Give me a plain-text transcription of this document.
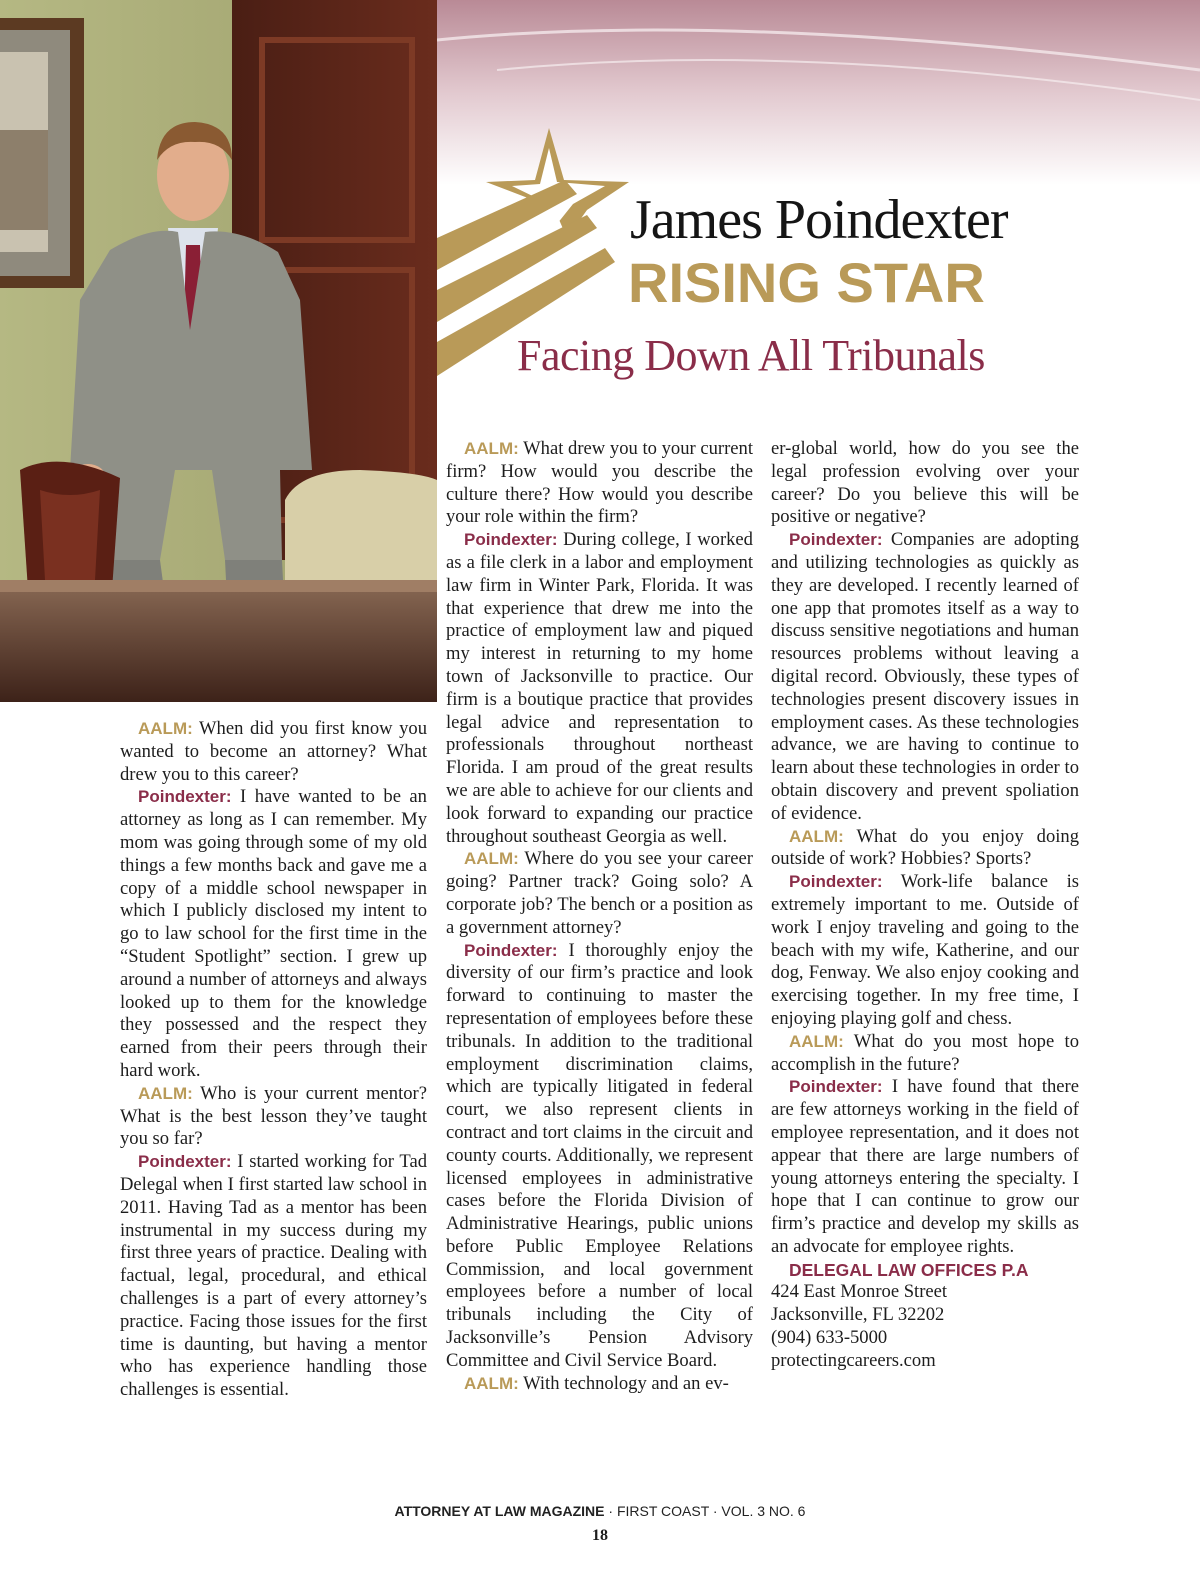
James Poindexter
RISING STAR
Facing Down All Tribunals

AALM: When did you first know you wanted to become an attorney? What drew you to this career?

Poindexter: I have wanted to be an attorney as long as I can remember. My mom was going through some of my old things a few months back and gave me a copy of a middle school newspaper in which I publicly disclosed my intent to go to law school for the first time in the “Student Spotlight” section. I grew up around a number of attorneys and always looked up to them for the knowledge they possessed and the respect they earned from their peers through their hard work.

AALM: Who is your current mentor? What is the best lesson they’ve taught you so far?

Poindexter: I started working for Tad Delegal when I first started law school in 2011. Having Tad as a mentor has been instrumental in my success during my first three years of practice. Dealing with factual, legal, procedural, and ethical challenges is a part of every attorney’s practice. Facing those issues for the first time is daunting, but having a mentor who has experience handling those challenges is essential.

AALM: What drew you to your current firm? How would you describe the culture there? How would you describe your role within the firm?

Poindexter: During college, I worked as a file clerk in a labor and employment law firm in Winter Park, Florida. It was that experience that drew me into the practice of employment law and piqued my interest in returning to my home town of Jacksonville to practice. Our firm is a boutique practice that provides legal advice and representation to professionals throughout northeast Florida. I am proud of the great results we are able to achieve for our clients and look forward to expanding our practice throughout southeast Georgia as well.

AALM: Where do you see your career going? Partner track? Going solo? A corporate job? The bench or a position as a government attorney?

Poindexter: I thoroughly enjoy the diversity of our firm’s practice and look forward to continuing to master the representation of employees before these tribunals. In addition to the traditional employment discrimination claims, which are typically litigated in federal court, we also represent clients in contract and tort claims in the circuit and county courts. Additionally, we represent licensed employees in administrative cases before the Florida Division of Administrative Hearings, public unions before Public Employee Relations Commission, and local government employees before a number of local tribunals including the City of Jacksonville’s Pension Advisory Committee and Civil Service Board.

AALM: With technology and an ev-

er-global world, how do you see the legal profession evolving over your career? Do you believe this will be positive or negative?

Poindexter: Companies are adopting and utilizing technologies as quickly as they are developed. I recently learned of one app that promotes itself as a way to discuss sensitive negotiations and human resources problems without leaving a digital record. Obviously, these types of technologies present discovery issues in employment cases. As these technologies advance, we are having to continue to learn about these technologies in order to obtain discovery and prevent spoliation of evidence.

AALM: What do you enjoy doing outside of work? Hobbies? Sports?

Poindexter: Work-life balance is extremely important to me. Outside of work I enjoy traveling and going to the beach with my wife, Katherine, and our dog, Fenway. We also enjoy cooking and exercising together. In my free time, I enjoying playing golf and chess.

AALM: What do you most hope to accomplish in the future?

Poindexter: I have found that there are few attorneys working in the field of employee representation, and it does not appear that there are large numbers of young attorneys entering the specialty. I hope that I can continue to grow our firm’s practice and develop my skills as an advocate for employee rights.

DELEGAL LAW OFFICES P.A

424 East Monroe Street

Jacksonville, FL 32202

(904) 633-5000

protectingcareers.com

ATTORNEY AT LAW MAGAZINE · FIRST COAST · VOL. 3 NO. 6
18
